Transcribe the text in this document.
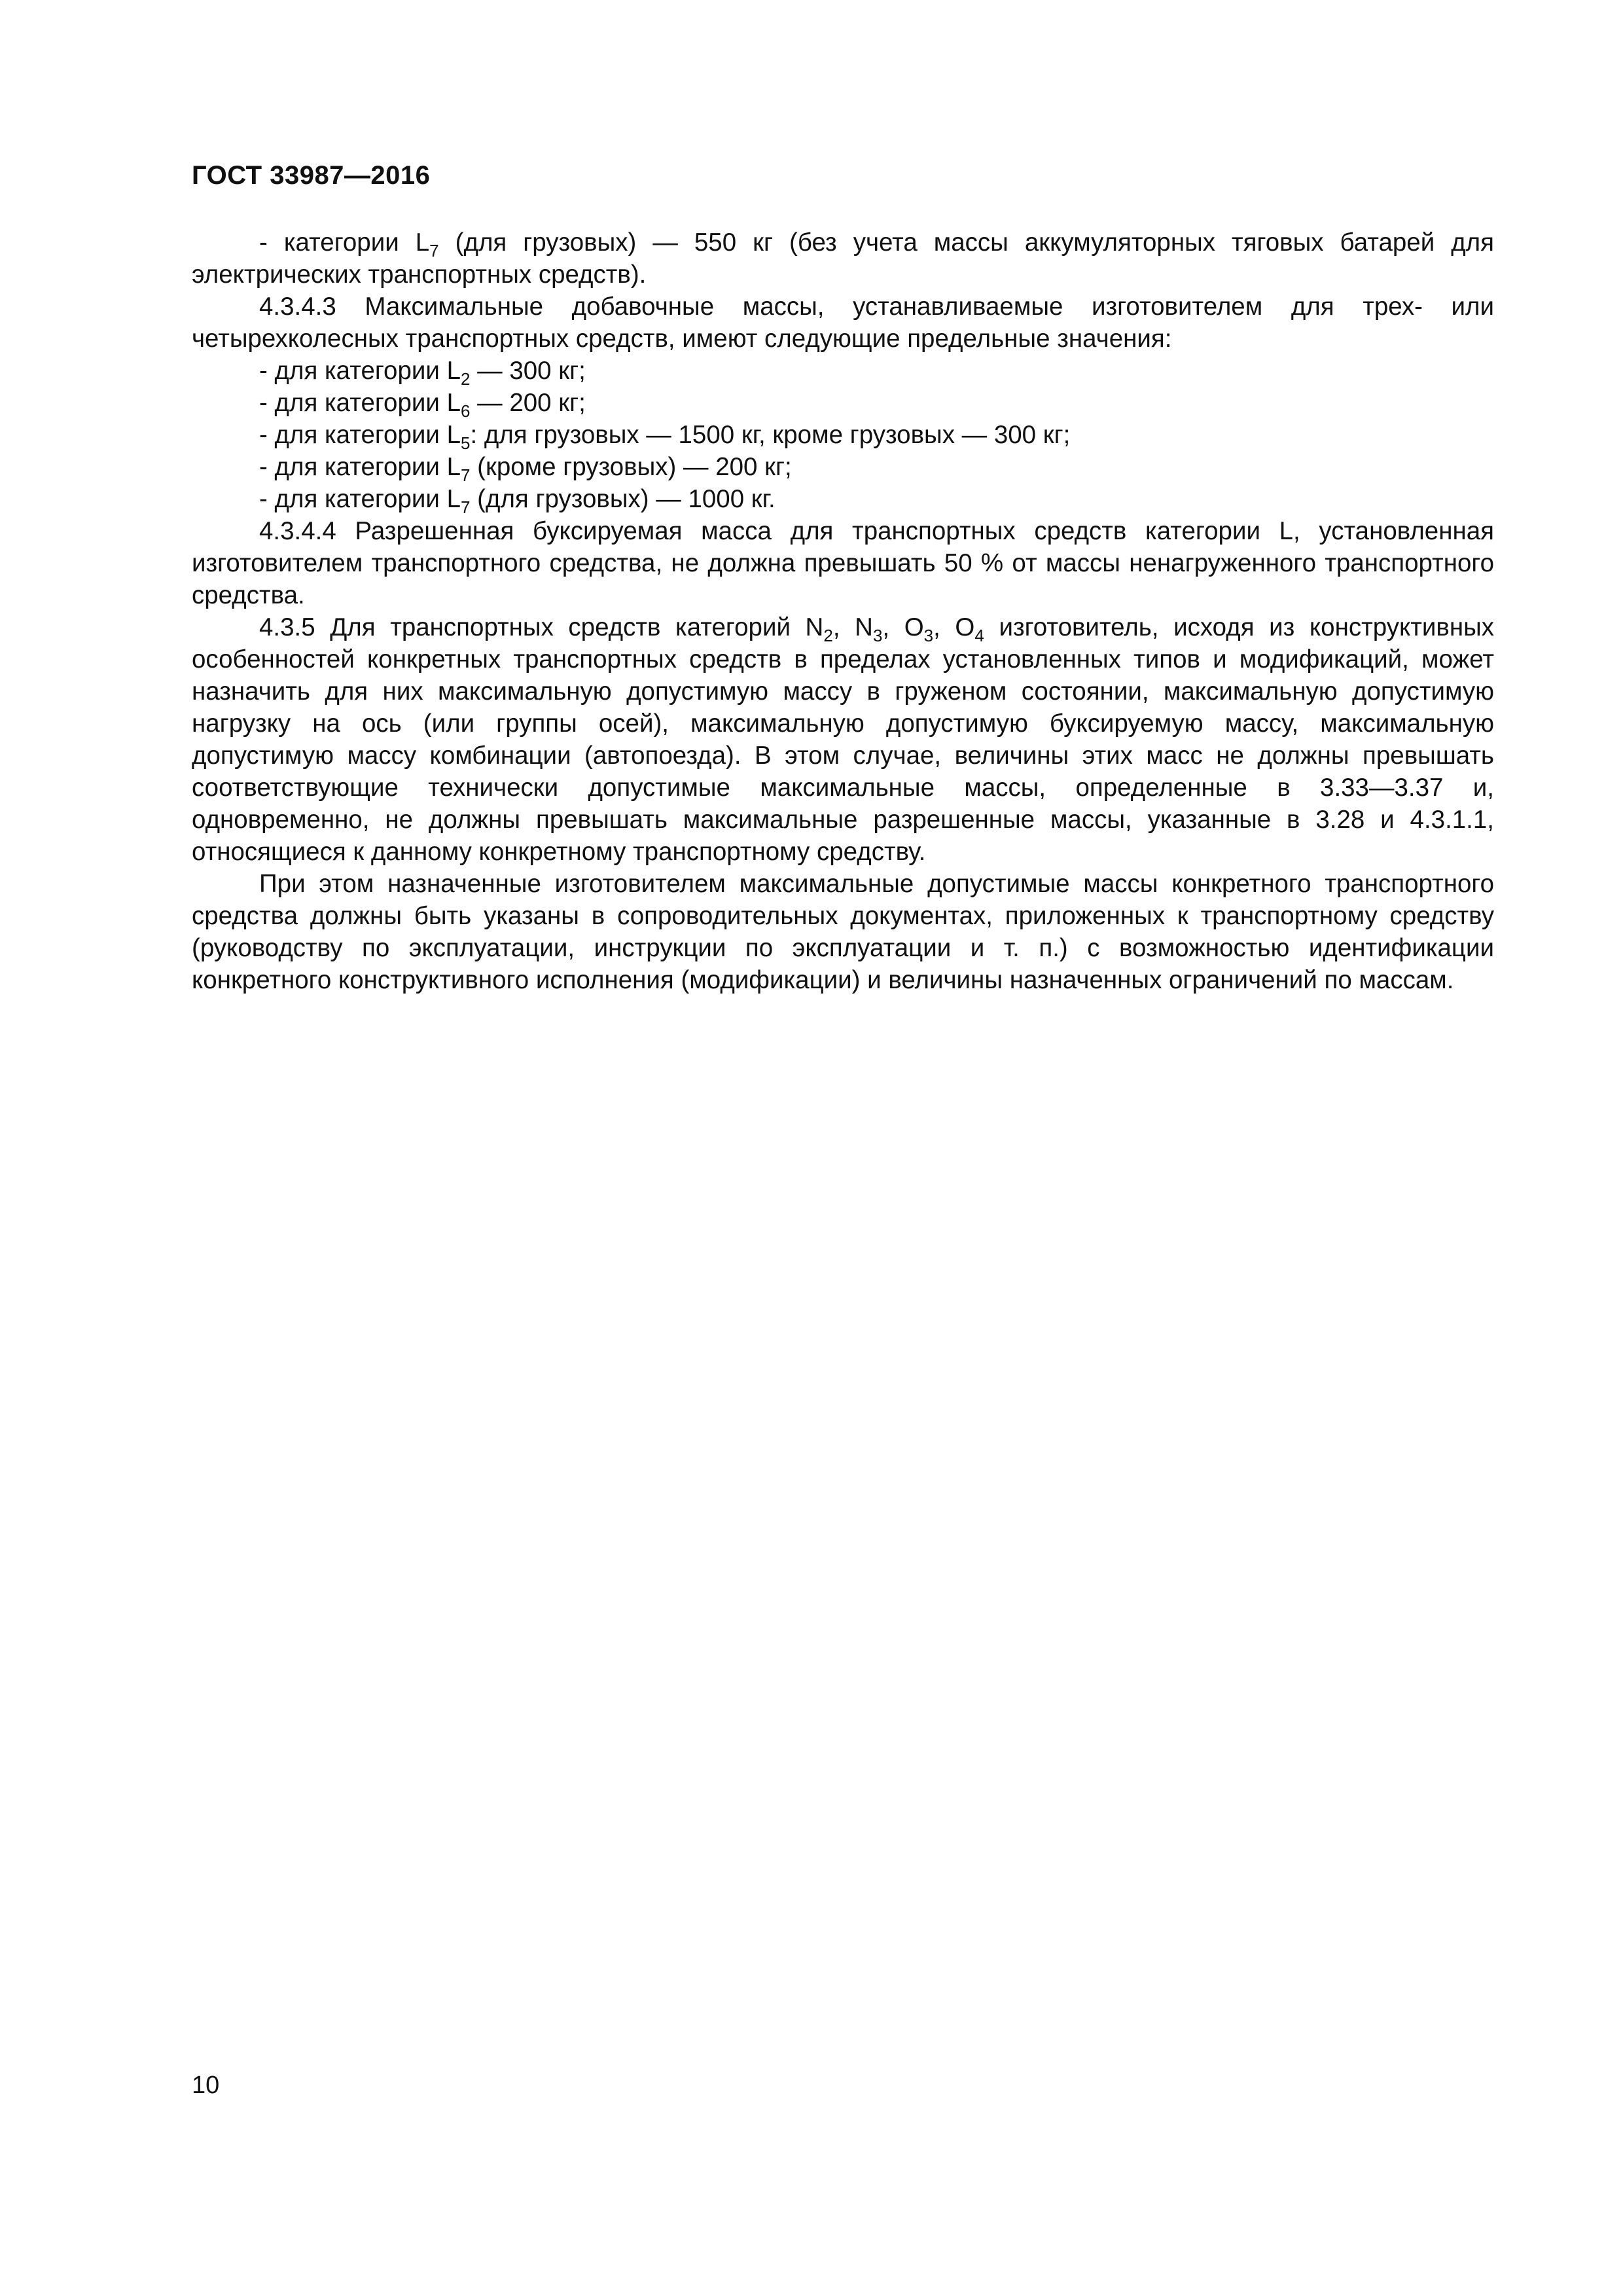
ГОСТ 33987—2016

- категории $L_7$ (для грузовых) — 550 кг (без учета массы аккумуляторных тяговых батарей для электрических транспортных средств).

4.3.4.3 Максимальные добавочные массы, устанавливаемые изготовителем для трех- или четырехколесных транспортных средств, имеют следующие предельные значения:

- для категории $L_2$ — 300 кг;

- для категории $L_6$ — 200 кг;

- для категории $L_5$: для грузовых — 1500 кг, кроме грузовых — 300 кг;

- для категории $L_7$ (кроме грузовых) — 200 кг;

- для категории $L_7$ (для грузовых) — 1000 кг.

4.3.4.4 Разрешенная буксируемая масса для транспортных средств категории L, установленная изготовителем транспортного средства, не должна превышать 50 % от массы ненагруженного транспортного средства.

4.3.5 Для транспортных средств категорий $N_2$, $N_3$, $O_3$, $O_4$ изготовитель, исходя из конструктивных особенностей конкретных транспортных средств в пределах установленных типов и модификаций, может назначить для них максимальную допустимую массу в груженом состоянии, максимальную допустимую нагрузку на ось (или группы осей), максимальную допустимую буксируемую массу, максимальную допустимую массу комбинации (автопоезда). В этом случае, величины этих масс не должны превышать соответствующие технически допустимые максимальные массы, определенные в 3.33—3.37 и, одновременно, не должны превышать максимальные разрешенные массы, указанные в 3.28 и 4.3.1.1, относящиеся к данному конкретному транспортному средству.

При этом назначенные изготовителем максимальные допустимые массы конкретного транспортного средства должны быть указаны в сопроводительных документах, приложенных к транспортному средству (руководству по эксплуатации, инструкции по эксплуатации и т. п.) с возможностью идентификации конкретного конструктивного исполнения (модификации) и величины назначенных ограничений по массам.

10
